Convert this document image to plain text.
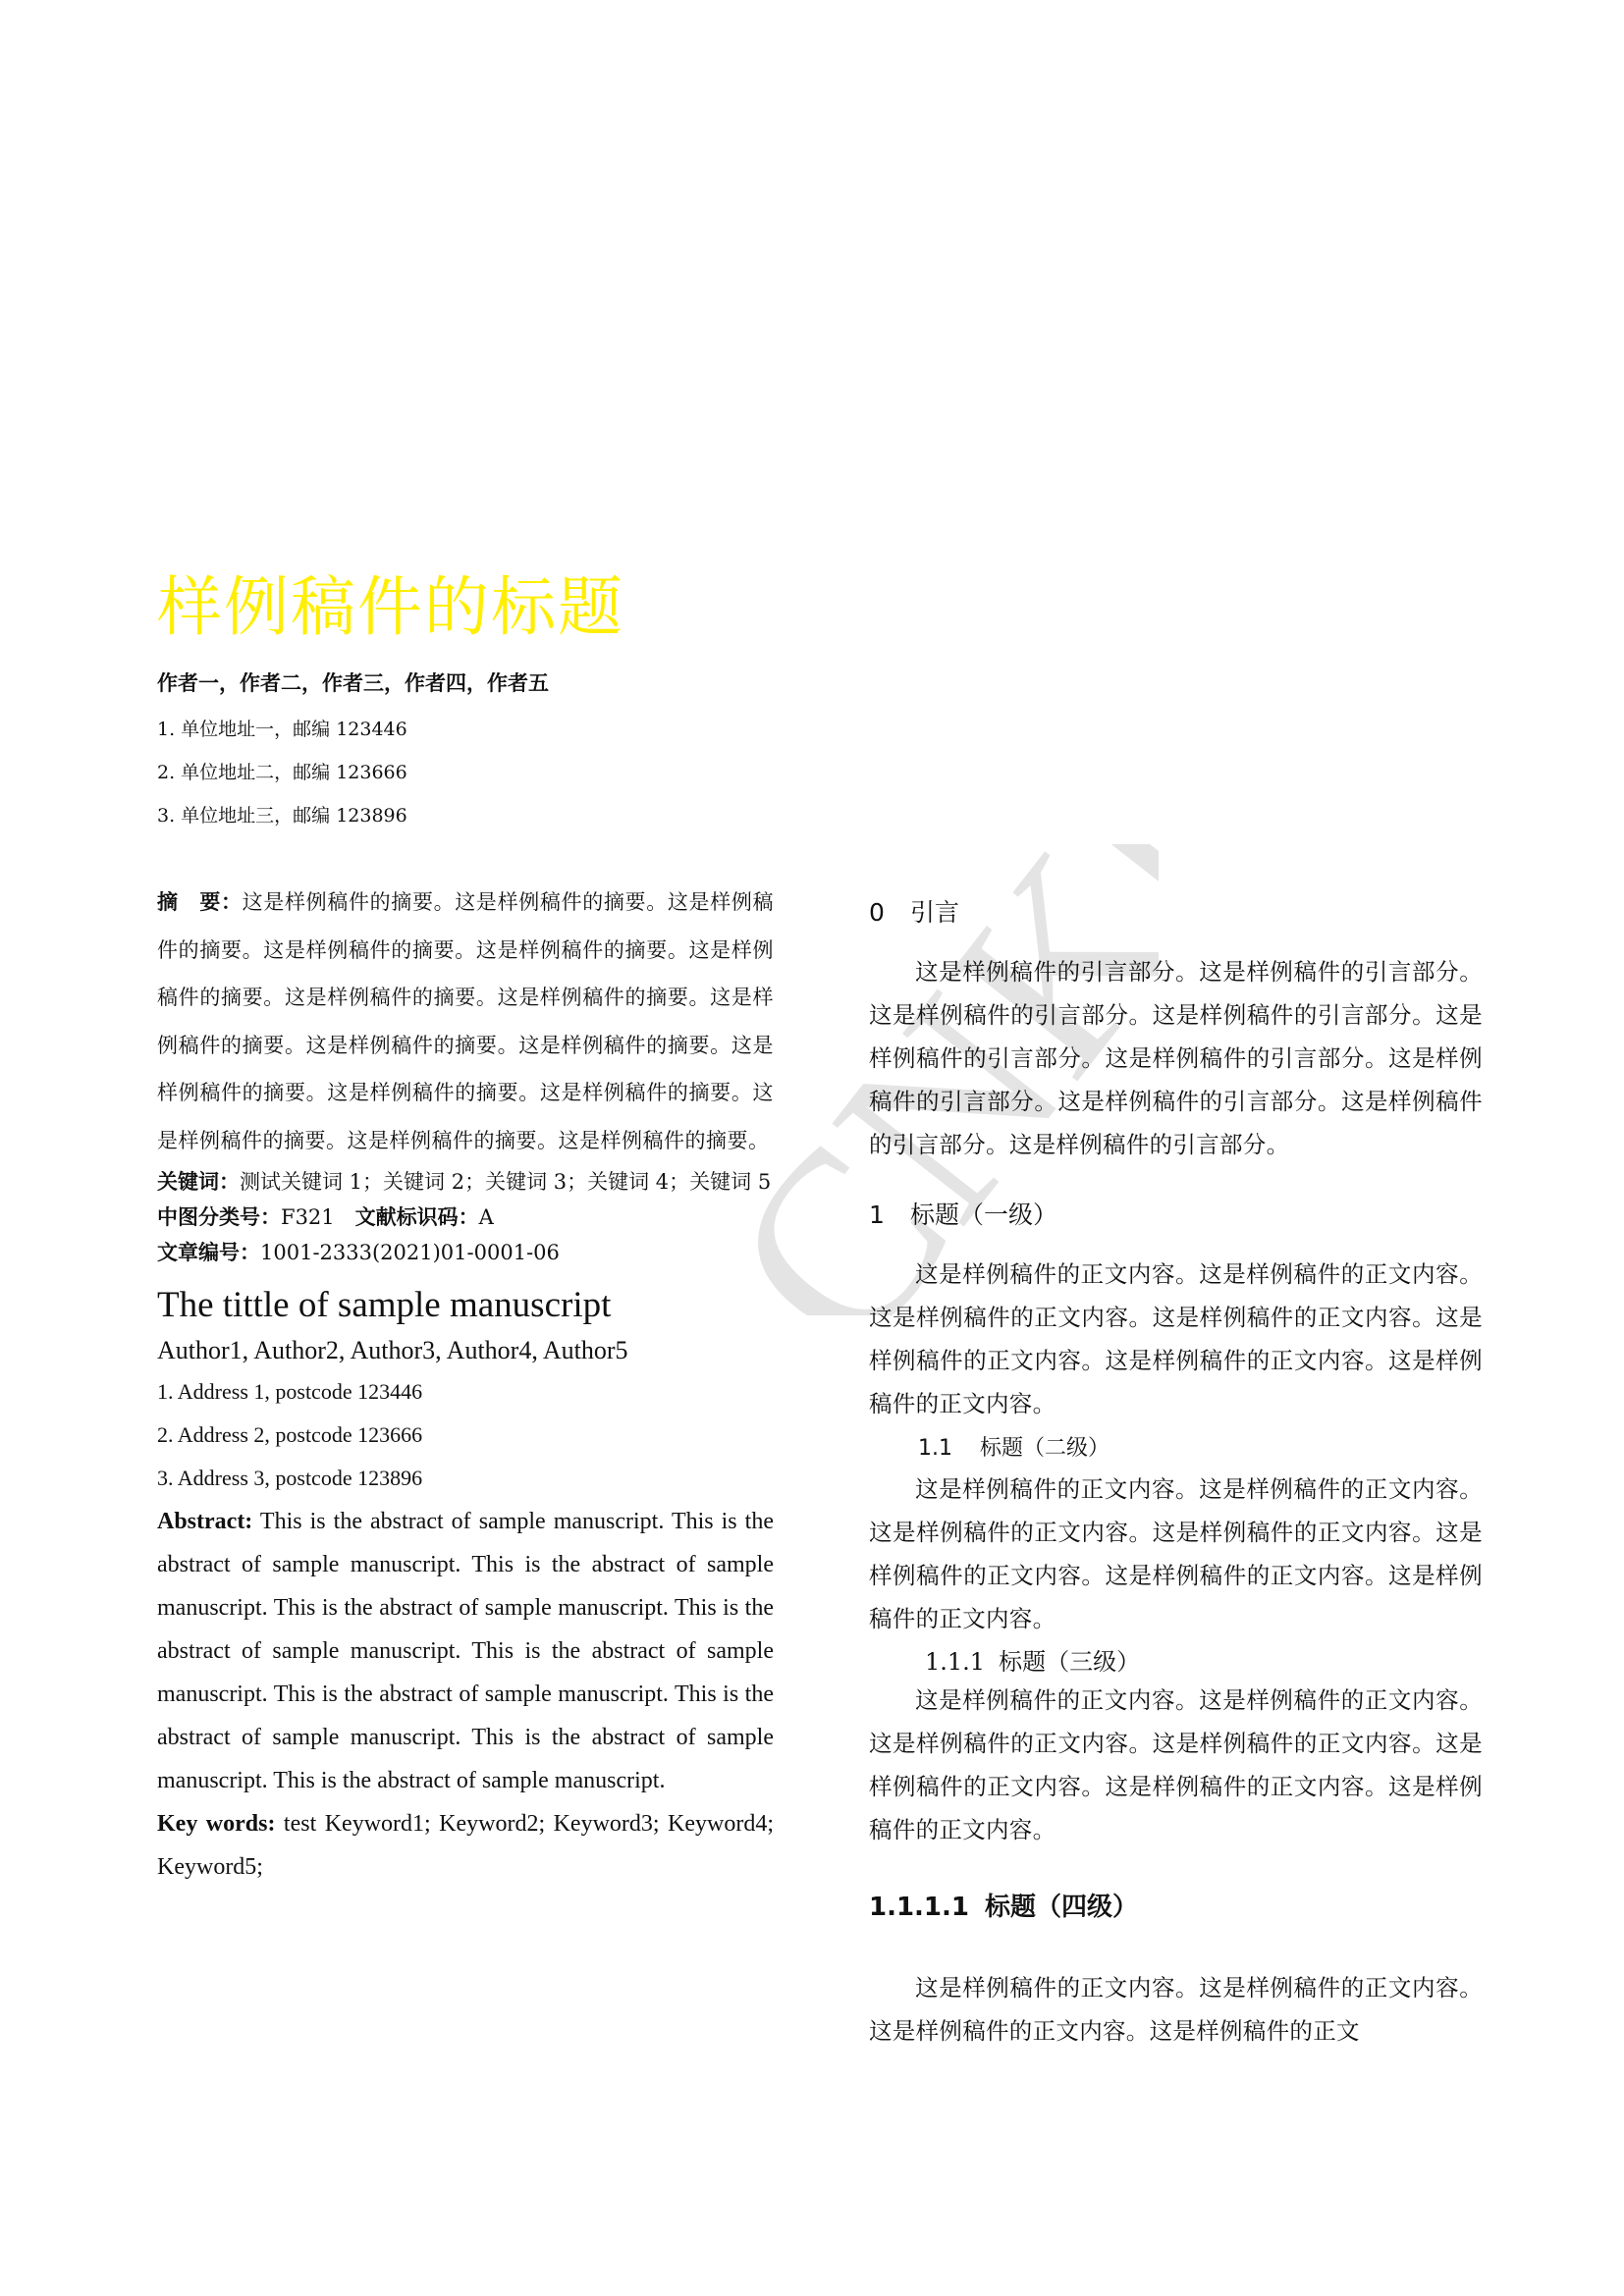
CNKI
样例稿件的标题
作者一，作者二，作者三，作者四，作者五
1. 单位地址一，邮编 123446
2. 单位地址二，邮编 123666
3. 单位地址三，邮编 123896

摘　要：这是样例稿件的摘要。这是样例稿件的摘要。这是样例稿件的摘要。这是样例稿件的摘要。这是样例稿件的摘要。这是样例稿件的摘要。这是样例稿件的摘要。这是样例稿件的摘要。这是样例稿件的摘要。这是样例稿件的摘要。这是样例稿件的摘要。这是样例稿件的摘要。这是样例稿件的摘要。这是样例稿件的摘要。这是样例稿件的摘要。这是样例稿件的摘要。这是样例稿件的摘要。

关键词：测试关键词 1；关键词 2；关键词 3；关键词 4；关键词 5

中图分类号：F321　 文献标识码：A

文章编号：1001-2333(2021)01-0001-06

The tittle of sample manuscript

Author1, Author2, Author3, Author4, Author5

1. Address 1, postcode 123446

2. Address 2, postcode 123666

3. Address 3, postcode 123896

Abstract: This is the abstract of sample manuscript. This is the abstract of sample manuscript. This is the abstract of sample manuscript. This is the abstract of sample manuscript. This is the abstract of sample manuscript. This is the abstract of sample manuscript. This is the abstract of sample manuscript. This is the abstract of sample manuscript. This is the abstract of sample manuscript. This is the abstract of sample manuscript.

Key words: test Keyword1; Keyword2; Keyword3; Keyword4; Keyword5;

0 引言

这是样例稿件的引言部分。这是样例稿件的引言部分。这是样例稿件的引言部分。这是样例稿件的引言部分。这是样例稿件的引言部分。这是样例稿件的引言部分。这是样例稿件的引言部分。这是样例稿件的引言部分。这是样例稿件的引言部分。这是样例稿件的引言部分。

1 标题（一级）

这是样例稿件的正文内容。这是样例稿件的正文内容。这是样例稿件的正文内容。这是样例稿件的正文内容。这是样例稿件的正文内容。这是样例稿件的正文内容。这是样例稿件的正文内容。

1.1 标题（二级）

这是样例稿件的正文内容。这是样例稿件的正文内容。这是样例稿件的正文内容。这是样例稿件的正文内容。这是样例稿件的正文内容。这是样例稿件的正文内容。这是样例稿件的正文内容。

1.1.1 标题（三级）

这是样例稿件的正文内容。这是样例稿件的正文内容。这是样例稿件的正文内容。这是样例稿件的正文内容。这是样例稿件的正文内容。这是样例稿件的正文内容。这是样例稿件的正文内容。

1.1.1.1 标题（四级）

这是样例稿件的正文内容。这是样例稿件的正文内容。这是样例稿件的正文内容。这是样例稿件的正文
